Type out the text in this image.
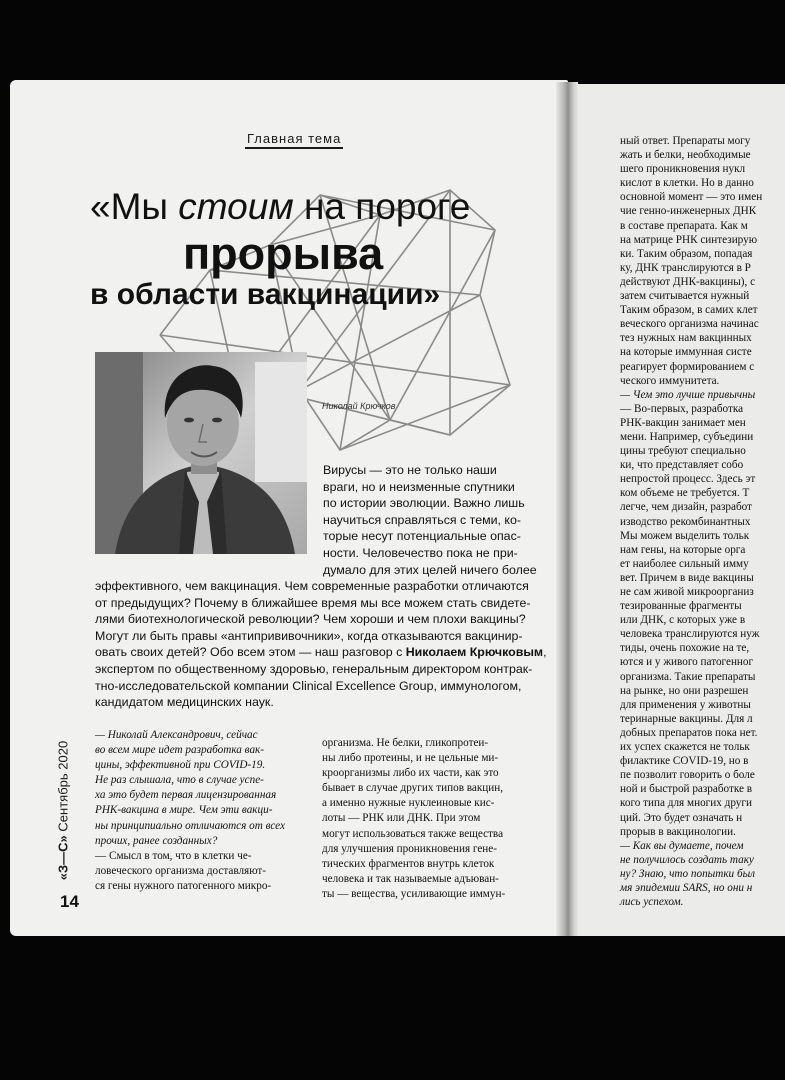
Главная тема
«Мы стоим на пороге
прорыва
в области вакцинации»
Николай Крючков
Вирусы — это не только наши
враги, но и неизменные спутники
по истории эволюции. Важно лишь
научиться справляться с теми, ко-
торые несут потенциальные опас-
ности. Человечество пока не при-
думало для этих целей ничего более
эффективного, чем вакцинация. Чем современные разработки отличаются
от предыдущих? Почему в ближайшее время мы все можем стать свидете-
лями биотехнологической революции? Чем хороши и чем плохи вакцины?
Могут ли быть правы «антипрививочники», когда отказываются вакцинир-
овать своих детей? Обо всем этом — наш разговор с Николаем Крючковым,
экспертом по общественному здоровью, генеральным директором контрак-
тно-исследовательской компании Clinical Excellence Group, иммунологом,
кандидатом медицинских наук.
— Николай Александрович, сейчас
во всем мире идет разработка вак-
цины, эффективной при COVID-19.
Не раз слышала, что в случае успе-
ха это будет первая лицензированная
РНК-вакцина в мире. Чем эти вакци-
ны принципиально отличаются от всех
прочих, ранее созданных?
— Смысл в том, что в клетки че-
ловеческого организма доставляют-
ся гены нужного патогенного микро-
организма. Не белки, гликопротеи-
ны либо протеины, и не цельные ми-
кроорганизмы либо их части, как это
бывает в случае других типов вакцин,
а именно нужные нуклеиновые кис-
лоты — РНК или ДНК. При этом
могут использоваться также вещества
для улучшения проникновения гене-
тических фрагментов внутрь клеток
человека и так называемые адъюван-
ты — вещества, усиливающие иммун-
«З—С» Сентябрь 2020
14
ный ответ. Препараты могу
жать и белки, необходимые
шего проникновения нукл
кислот в клетки. Но в данно
основной момент — это имен
чие генно-инженерных ДНК
в составе препарата. Как м
на матрице РНК синтезирую
ки. Таким образом, попадая
ку, ДНК транслируются в Р
действуют ДНК-вакцины), с
затем считывается нужный
Таким образом, в самих клет
веческого организма начинас
тез нужных нам вакцинных
на которые иммунная систе
реагирует формированием с
ческого иммунитета.
— Чем это лучше привычны
— Во-первых, разработка
РНК-вакцин занимает мен
мени. Например, субъедини
цины требуют специально
ки, что представляет собо
непростой процесс. Здесь эт
ком объеме не требуется. Т
легче, чем дизайн, разработ
изводство рекомбинантных
Мы можем выделить тольк
нам гены, на которые орга
ет наиболее сильный имму
вет. Причем в виде вакцины
не сам живой микроорганиз
тезированные фрагменты
или ДНК, с которых уже в
человека транслируются нуж
тиды, очень похожие на те,
ются и у живого патогенног
организма. Такие препараты
на рынке, но они разрешен
для применения у животны
теринарные вакцины. Для л
добных препаратов пока нет.
их успех скажется не тольк
филактике COVID-19, но в
пе позволит говорить о боле
ной и быстрой разработке в
кого типа для многих други
ций. Это будет означать н
прорыв в вакцинологии.
— Как вы думаете, почем
не получилось создать таку
ну? Знаю, что попытки был
мя эпидемии SARS, но они н
лись успехом.
